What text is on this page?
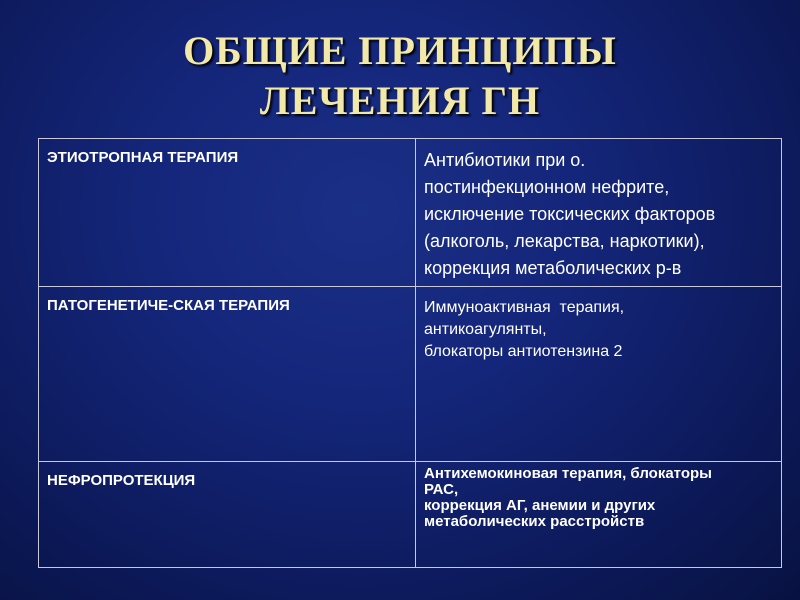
ОБЩИЕ ПРИНЦИПЫ
ЛЕЧЕНИЯ ГН
ЭТИОТРОПНАЯ ТЕРАПИЯ	Антибиотики при о.
постинфекционном нефрите,
исключение токсических факторов
(алкоголь, лекарства, наркотики),
коррекция метаболических р-в

ПАТОГЕНЕТИЧЕ-СКАЯ ТЕРАПИЯ	Иммуноактивная  терапия,
антикоагулянты,
блокаторы антиотензина 2

НЕФРОПРОТЕКЦИЯ	Антихемокиновая терапия, блокаторы
РАС,
коррекция АГ, анемии и других
метаболических расстройств
